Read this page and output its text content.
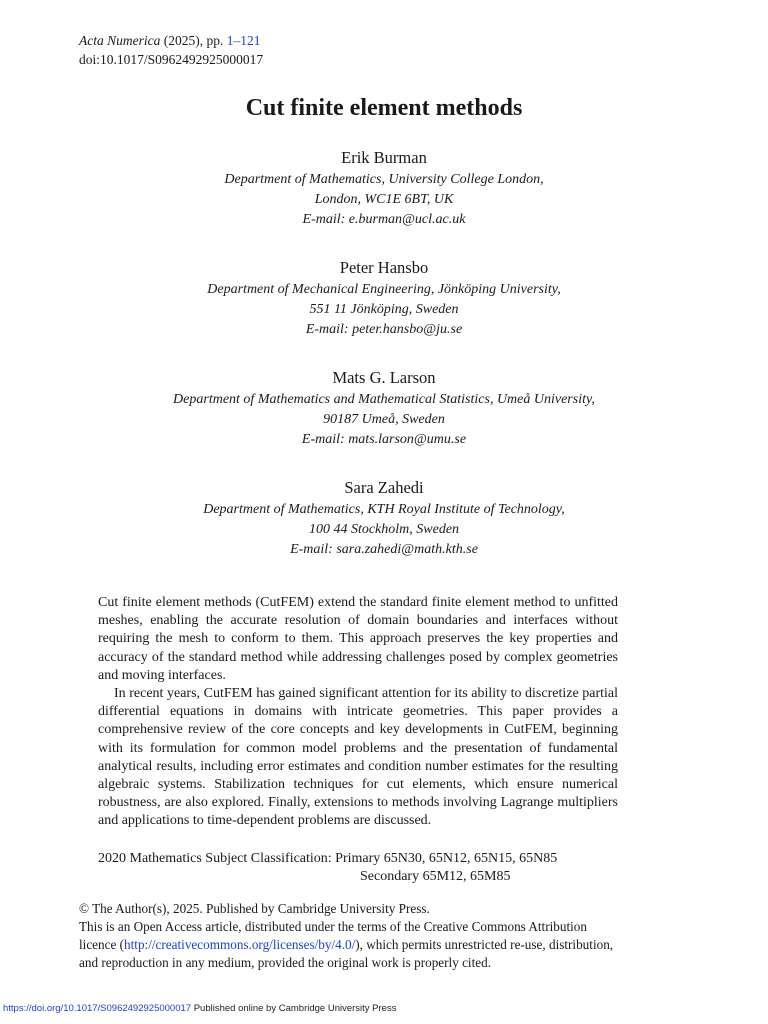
Acta Numerica (2025), pp. 1–121
doi:10.1017/S0962492925000017
Cut finite element methods
Erik Burman
Department of Mathematics, University College London,
London, WC1E 6BT, UK
E-mail: e.burman@ucl.ac.uk
Peter Hansbo
Department of Mechanical Engineering, Jönköping University,
551 11 Jönköping, Sweden
E-mail: peter.hansbo@ju.se
Mats G. Larson
Department of Mathematics and Mathematical Statistics, Umeå University,
90187 Umeå, Sweden
E-mail: mats.larson@umu.se
Sara Zahedi
Department of Mathematics, KTH Royal Institute of Technology,
100 44 Stockholm, Sweden
E-mail: sara.zahedi@math.kth.se

Cut finite element methods (CutFEM) extend the standard finite element method to unfitted meshes, enabling the accurate resolution of domain boundaries and interfaces without requiring the mesh to conform to them. This approach preserves the key properties and accuracy of the standard method while addressing challenges posed by complex geometries and moving interfaces.

In recent years, CutFEM has gained significant attention for its ability to discretize partial differential equations in domains with intricate geometries. This paper provides a comprehensive review of the core concepts and key developments in CutFEM, beginning with its formulation for common model problems and the presentation of fundamental analytical results, including error estimates and condition number estimates for the resulting algebraic systems. Stabilization techniques for cut elements, which ensure numerical robustness, are also explored. Finally, extensions to methods involving Lagrange multipliers and applications to time-dependent problems are discussed.

2020 Mathematics Subject Classification: Primary 65N30, 65N12, 65N15, 65N85
Secondary 65M12, 65M85
© The Author(s), 2025. Published by Cambridge University Press.
This is an Open Access article, distributed under the terms of the Creative Commons Attribution
licence (http://creativecommons.org/licenses/by/4.0/), which permits unrestricted re-use, distribution,
and reproduction in any medium, provided the original work is properly cited.
https://doi.org/10.1017/S0962492925000017 Published online by Cambridge University Press
